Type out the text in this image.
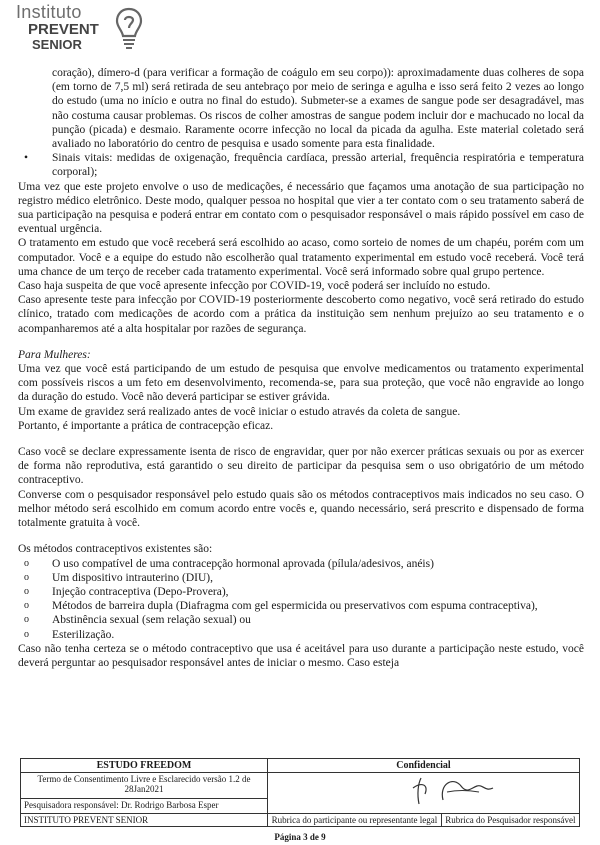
Instituto
PREVENT
SENIOR

coração), dímero-d (para verificar a formação de coágulo em seu corpo)): aproximadamente duas colheres de sopa (em torno de 7,5 ml) será retirada de seu antebraço por meio de seringa e agulha e isso será feito 2 vezes ao longo do estudo (uma no início e outra no final do estudo). Submeter-se a exames de sangue pode ser desagradável, mas não costuma causar problemas. Os riscos de colher amostras de sangue podem incluir dor e machucado no local da punção (picada) e desmaio. Raramente ocorre infecção no local da picada da agulha. Este material coletado será avaliado no laboratório do centro de pesquisa e usado somente para esta finalidade.

• Sinais vitais: medidas de oxigenação, frequência cardíaca, pressão arterial, frequência respiratória e temperatura corporal);

Uma vez que este projeto envolve o uso de medicações, é necessário que façamos uma anotação de sua participação no registro médico eletrônico. Deste modo, qualquer pessoa no hospital que vier a ter contato com o seu tratamento saberá de sua participação na pesquisa e poderá entrar em contato com o pesquisador responsável o mais rápido possível em caso de eventual urgência.

O tratamento em estudo que você receberá será escolhido ao acaso, como sorteio de nomes de um chapéu, porém com um computador. Você e a equipe do estudo não escolherão qual tratamento experimental em estudo você receberá. Você terá uma chance de um terço de receber cada tratamento experimental. Você será informado sobre qual grupo pertence.

Caso haja suspeita de que você apresente infecção por COVID-19, você poderá ser incluído no estudo.

Caso apresente teste para infecção por COVID-19 posteriormente descoberto como negativo, você será retirado do estudo clínico, tratado com medicações de acordo com a prática da instituição sem nenhum prejuízo ao seu tratamento e o acompanharemos até a alta hospitalar por razões de segurança.

Para Mulheres:

Uma vez que você está participando de um estudo de pesquisa que envolve medicamentos ou tratamento experimental com possíveis riscos a um feto em desenvolvimento, recomenda-se, para sua proteção, que você não engravide ao longo da duração do estudo. Você não deverá participar se estiver grávida.

Um exame de gravidez será realizado antes de você iniciar o estudo através da coleta de sangue.

Portanto, é importante a prática de contracepção eficaz.

Caso você se declare expressamente isenta de risco de engravidar, quer por não exercer práticas sexuais ou por as exercer de forma não reprodutiva, está garantido o seu direito de participar da pesquisa sem o uso obrigatório de um método contraceptivo.

Converse com o pesquisador responsável pelo estudo quais são os métodos contraceptivos mais indicados no seu caso. O melhor método será escolhido em comum acordo entre vocês e, quando necessário, será prescrito e dispensado de forma totalmente gratuita à você.

Os métodos contraceptivos existentes são:

o O uso compatível de uma contracepção hormonal aprovada (pílula/adesivos, anéis)
o Um dispositivo intrauterino (DIU),
o Injeção contraceptiva (Depo-Provera),
o Métodos de barreira dupla (Diafragma com gel espermicida ou preservativos com espuma contraceptiva),
o Abstinência sexual (sem relação sexual) ou
o Esterilização.

Caso não tenha certeza se o método contraceptivo que usa é aceitável para uso durante a participação neste estudo, você deverá perguntar ao pesquisador responsável antes de iniciar o mesmo. Caso esteja

ESTUDO FREEDOM	Confidencial	
Termo de Consentimento Livre e Esclarecido versão 1.2 de 28Jan2021	
Pesquisadora responsável: Dr. Rodrigo Barbosa Esper		
INSTITUTO PREVENT SENIOR	Rubrica do participante ou representante legal	Rubrica do Pesquisador responsável
Página 3 de 9
